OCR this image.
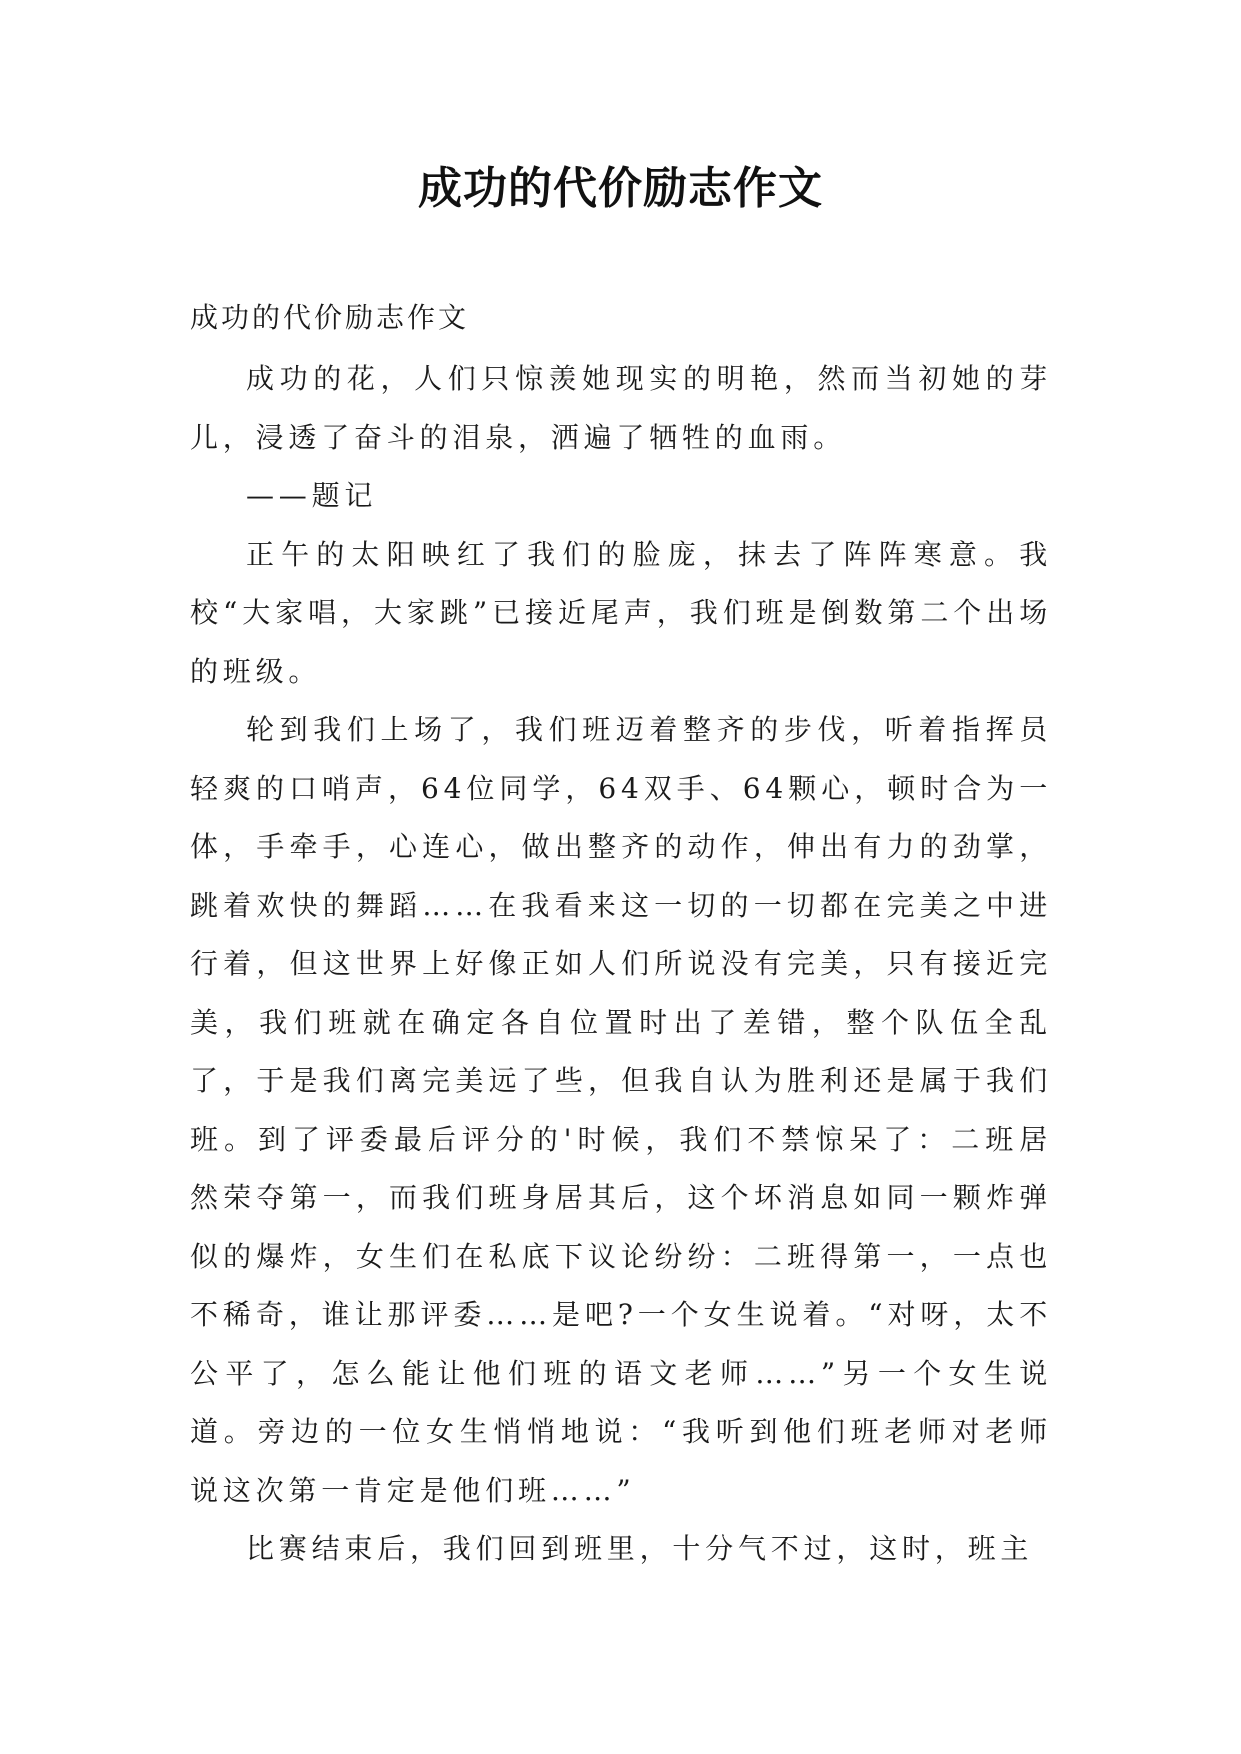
成功的代价励志作文
成功的代价励志作文

成功的花，人们只惊羡她现实的明艳，然而当初她的芽儿，浸透了奋斗的泪泉，洒遍了牺牲的血雨。

——题记

正午的太阳映红了我们的脸庞，抹去了阵阵寒意。我校“大家唱，大家跳”已接近尾声，我们班是倒数第二个出场的班级。

轮到我们上场了，我们班迈着整齐的步伐，听着指挥员轻爽的口哨声，64位同学，64双手、64颗心，顿时合为一体，手牵手，心连心，做出整齐的动作，伸出有力的劲掌，跳着欢快的舞蹈……在我看来这一切的一切都在完美之中进行着，但这世界上好像正如人们所说没有完美，只有接近完美，我们班就在确定各自位置时出了差错，整个队伍全乱了，于是我们离完美远了些，但我自认为胜利还是属于我们班。到了评委最后评分的'时候，我们不禁惊呆了：二班居然荣夺第一，而我们班身居其后，这个坏消息如同一颗炸弹似的爆炸，女生们在私底下议论纷纷：二班得第一，一点也不稀奇，谁让那评委……是吧?一个女生说着。“对呀，太不公平了，怎么能让他们班的语文老师……”另一个女生说道。旁边的一位女生悄悄地说：“我听到他们班老师对老师说这次第一肯定是他们班……”

比赛结束后，我们回到班里，十分气不过，这时，班主
